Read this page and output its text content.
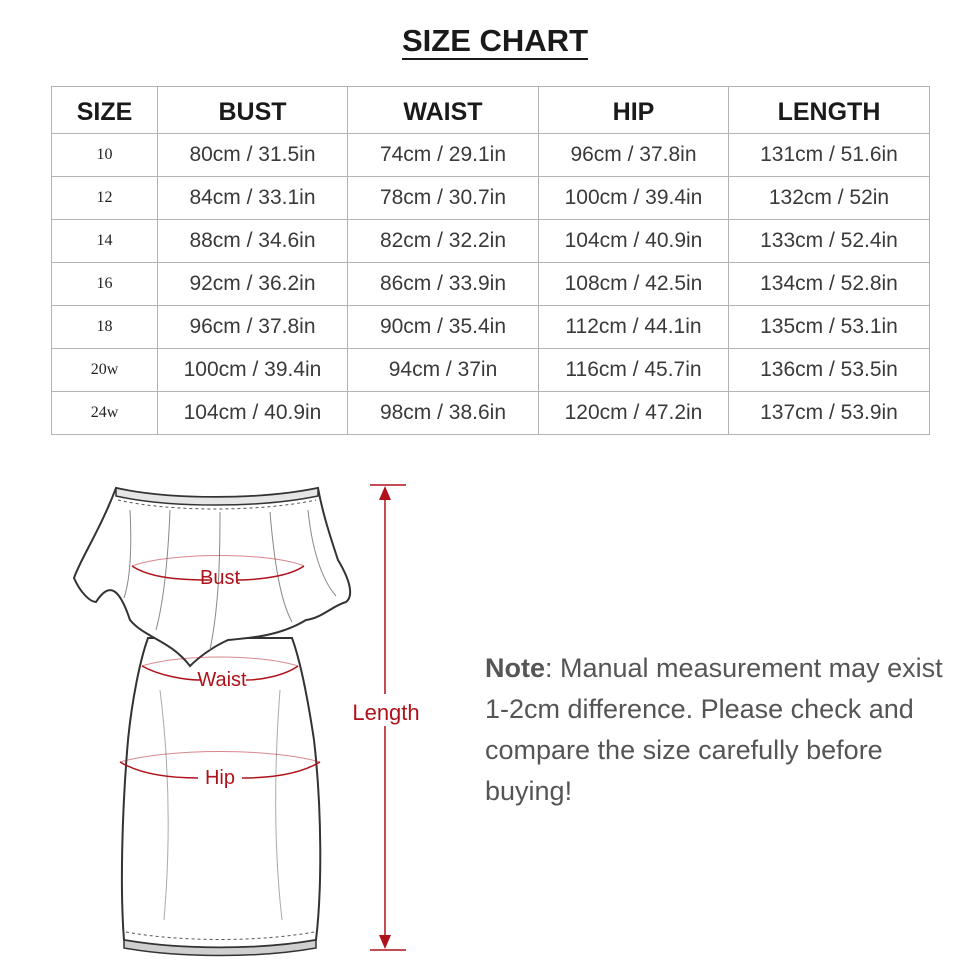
SIZE CHART
SIZE	BUST	WAIST	HIP	LENGTH
10	80cm / 31.5in	74cm / 29.1in	96cm / 37.8in	131cm / 51.6in
12	84cm / 33.1in	78cm / 30.7in	100cm / 39.4in	132cm / 52in
14	88cm / 34.6in	82cm / 32.2in	104cm / 40.9in	133cm / 52.4in
16	92cm / 36.2in	86cm / 33.9in	108cm / 42.5in	134cm / 52.8in
18	96cm / 37.8in	90cm / 35.4in	112cm / 44.1in	135cm / 53.1in
20w	100cm / 39.4in	94cm / 37in	116cm / 45.7in	136cm / 53.5in
24w	104cm / 40.9in	98cm / 38.6in	120cm / 47.2in	137cm / 53.9in
Bust
Waist
Hip
Length
Note: Manual measurement may exist 1-2cm difference. Please check and compare the size carefully before buying!
